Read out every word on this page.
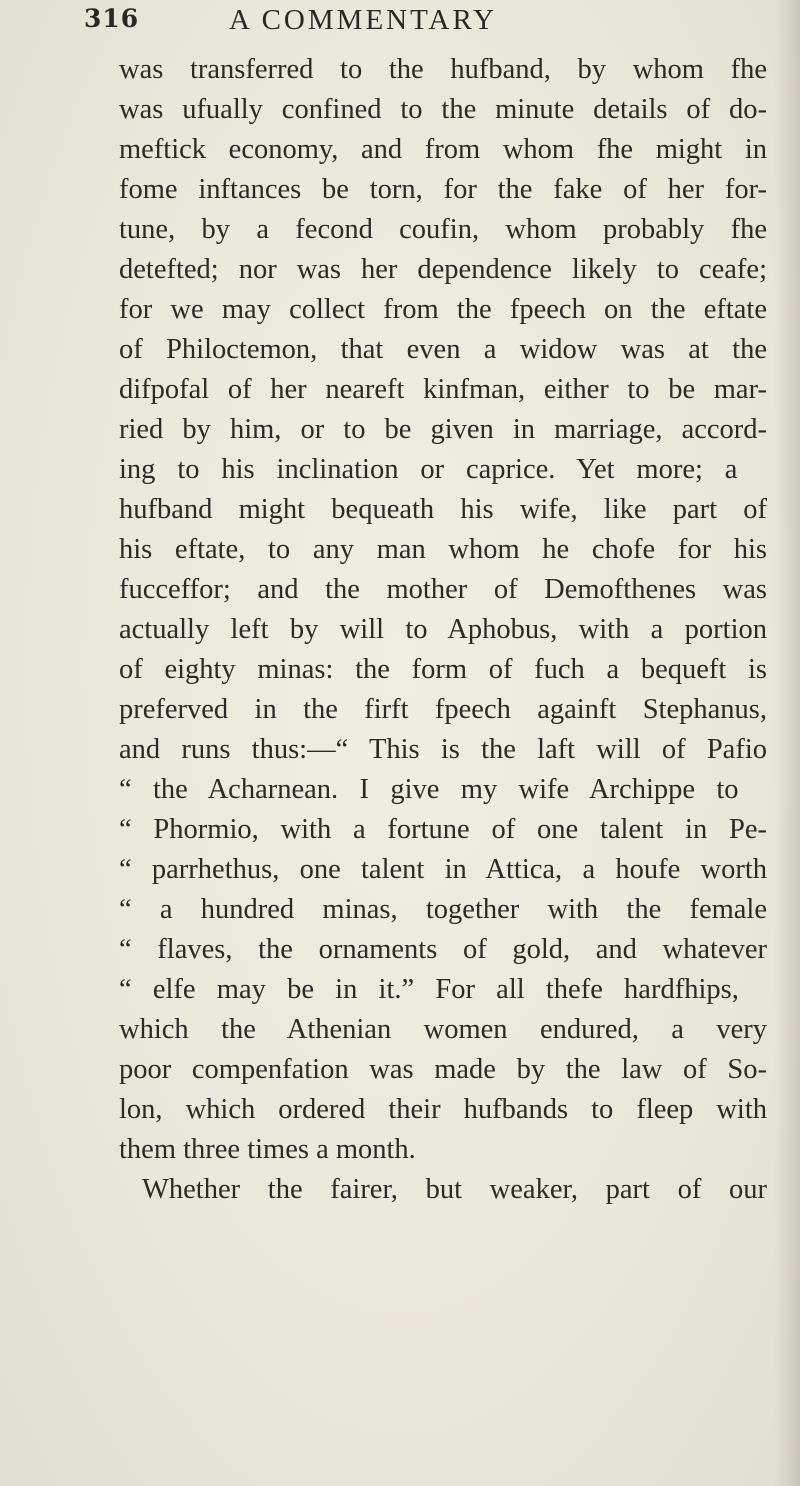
316	A COMMENTARY
was transferred to the hufband, by whom fhe
was ufually confined to the minute details of do-
meftick economy, and from whom fhe might in
fome inftances be torn, for the fake of her for-
tune, by a fecond coufin, whom probably fhe
detefted; nor was her dependence likely to ceafe;
for we may collect from the fpeech on the eftate
of Philoctemon, that even a widow was at the
difpofal of her neareft kinfman, either to be mar-
ried by him, or to be given in marriage, accord-
ing to his inclination or caprice. Yet more; a
hufband might bequeath his wife, like part of
his eftate, to any man whom he chofe for his
fucceffor; and the mother of Demofthenes was
actually left by will to Aphobus, with a portion
of eighty minas: the form of fuch a bequeft is
preferved in the firft fpeech againft Stephanus,
and runs thus:—“ This is the laft will of Pafio
“ the Acharnean. I give my wife Archippe to
“ Phormio, with a fortune of one talent in Pe-
“ parrhethus, one talent in Attica, a houfe worth
“ a hundred minas, together with the female
“ flaves, the ornaments of gold, and whatever
“ elfe may be in it.” For all thefe hardfhips,
which the Athenian women endured, a very
poor compenfation was made by the law of So-
lon, which ordered their hufbands to fleep with
them three times a month.
Whether the fairer, but weaker, part of our
